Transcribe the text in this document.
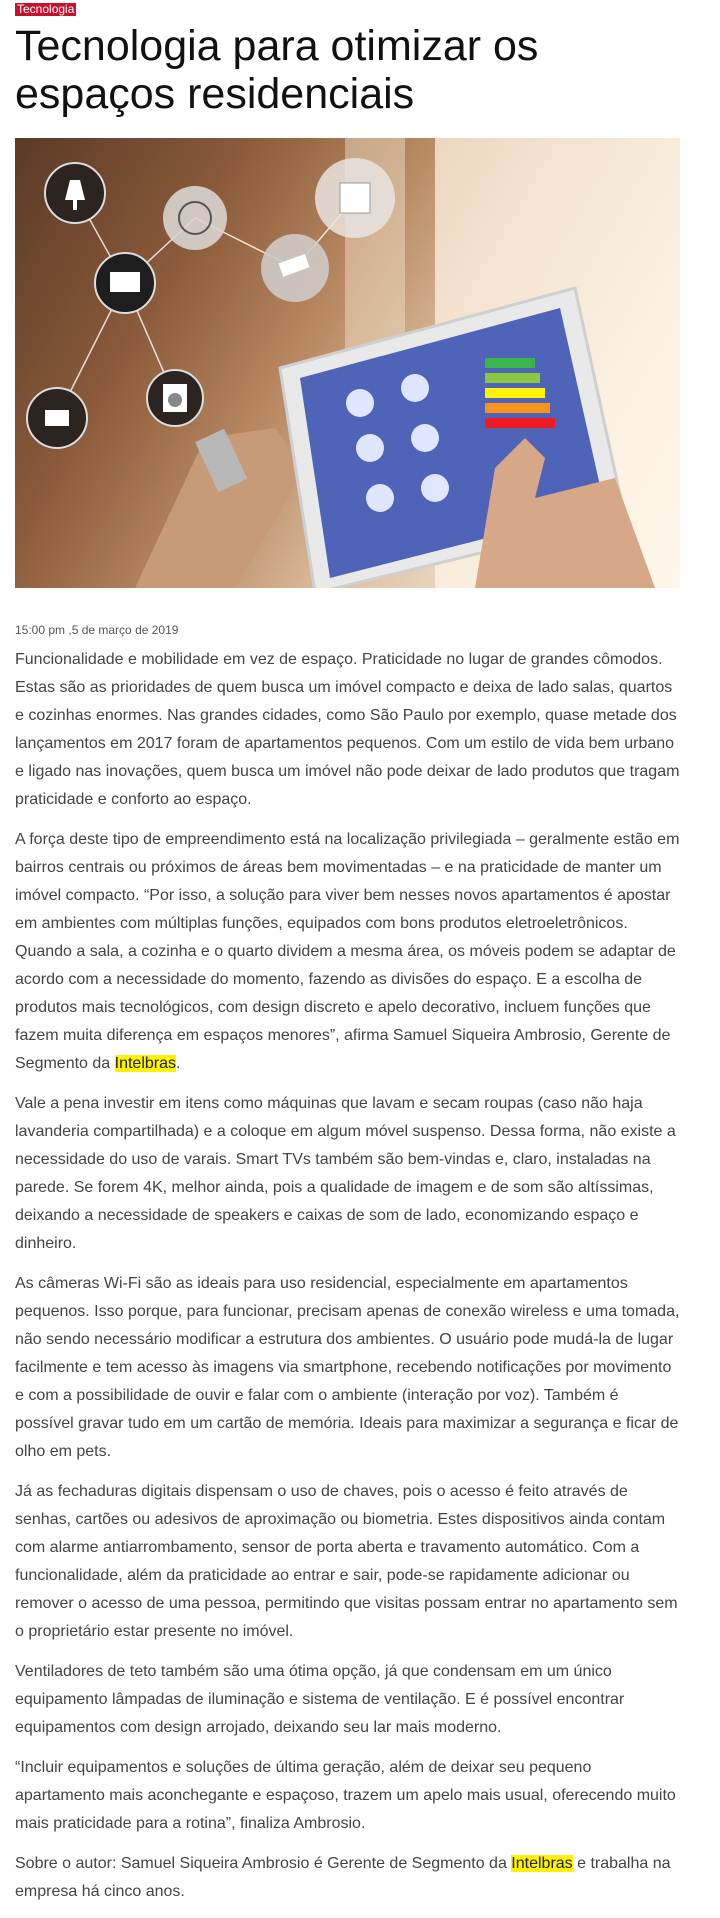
Tecnologia
Tecnologia para otimizar os espaços residenciais
15:00 pm ,5 de março de 2019

Funcionalidade e mobilidade em vez de espaço. Praticidade no lugar de grandes cômodos. Estas são as prioridades de quem busca um imóvel compacto e deixa de lado salas, quartos e cozinhas enormes. Nas grandes cidades, como São Paulo por exemplo, quase metade dos lançamentos em 2017 foram de apartamentos pequenos. Com um estilo de vida bem urbano e ligado nas inovações, quem busca um imóvel não pode deixar de lado produtos que tragam praticidade e conforto ao espaço.

A força deste tipo de empreendimento está na localização privilegiada – geralmente estão em bairros centrais ou próximos de áreas bem movimentadas – e na praticidade de manter um imóvel compacto. “Por isso, a solução para viver bem nesses novos apartamentos é apostar em ambientes com múltiplas funções, equipados com bons produtos eletroeletrônicos. Quando a sala, a cozinha e o quarto dividem a mesma área, os móveis podem se adaptar de acordo com a necessidade do momento, fazendo as divisões do espaço. E a escolha de produtos mais tecnológicos, com design discreto e apelo decorativo, incluem funções que fazem muita diferença em espaços menores”, afirma Samuel Siqueira Ambrosio, Gerente de Segmento da Intelbras.

Vale a pena investir em itens como máquinas que lavam e secam roupas (caso não haja lavanderia compartilhada) e a coloque em algum móvel suspenso. Dessa forma, não existe a necessidade do uso de varais. Smart TVs também são bem-vindas e, claro, instaladas na parede. Se forem 4K, melhor ainda, pois a qualidade de imagem e de som são altíssimas, deixando a necessidade de speakers e caixas de som de lado, economizando espaço e dinheiro.

As câmeras Wi-Fi são as ideais para uso residencial, especialmente em apartamentos pequenos. Isso porque, para funcionar, precisam apenas de conexão wireless e uma tomada, não sendo necessário modificar a estrutura dos ambientes. O usuário pode mudá-la de lugar facilmente e tem acesso às imagens via smartphone, recebendo notificações por movimento e com a possibilidade de ouvir e falar com o ambiente (interação por voz). Também é possível gravar tudo em um cartão de memória. Ideais para maximizar a segurança e ficar de olho em pets.

Já as fechaduras digitais dispensam o uso de chaves, pois o acesso é feito através de senhas, cartões ou adesivos de aproximação ou biometria. Estes dispositivos ainda contam com alarme antiarrombamento, sensor de porta aberta e travamento automático. Com a funcionalidade, além da praticidade ao entrar e sair, pode-se rapidamente adicionar ou remover o acesso de uma pessoa, permitindo que visitas possam entrar no apartamento sem o proprietário estar presente no imóvel.

Ventiladores de teto também são uma ótima opção, já que condensam em um único equipamento lâmpadas de iluminação e sistema de ventilação. E é possível encontrar equipamentos com design arrojado, deixando seu lar mais moderno.

“Incluir equipamentos e soluções de última geração, além de deixar seu pequeno apartamento mais aconchegante e espaçoso, trazem um apelo mais usual, oferecendo muito mais praticidade para a rotina”, finaliza Ambrosio.

Sobre o autor: Samuel Siqueira Ambrosio é Gerente de Segmento da Intelbras e trabalha na empresa há cinco anos.
